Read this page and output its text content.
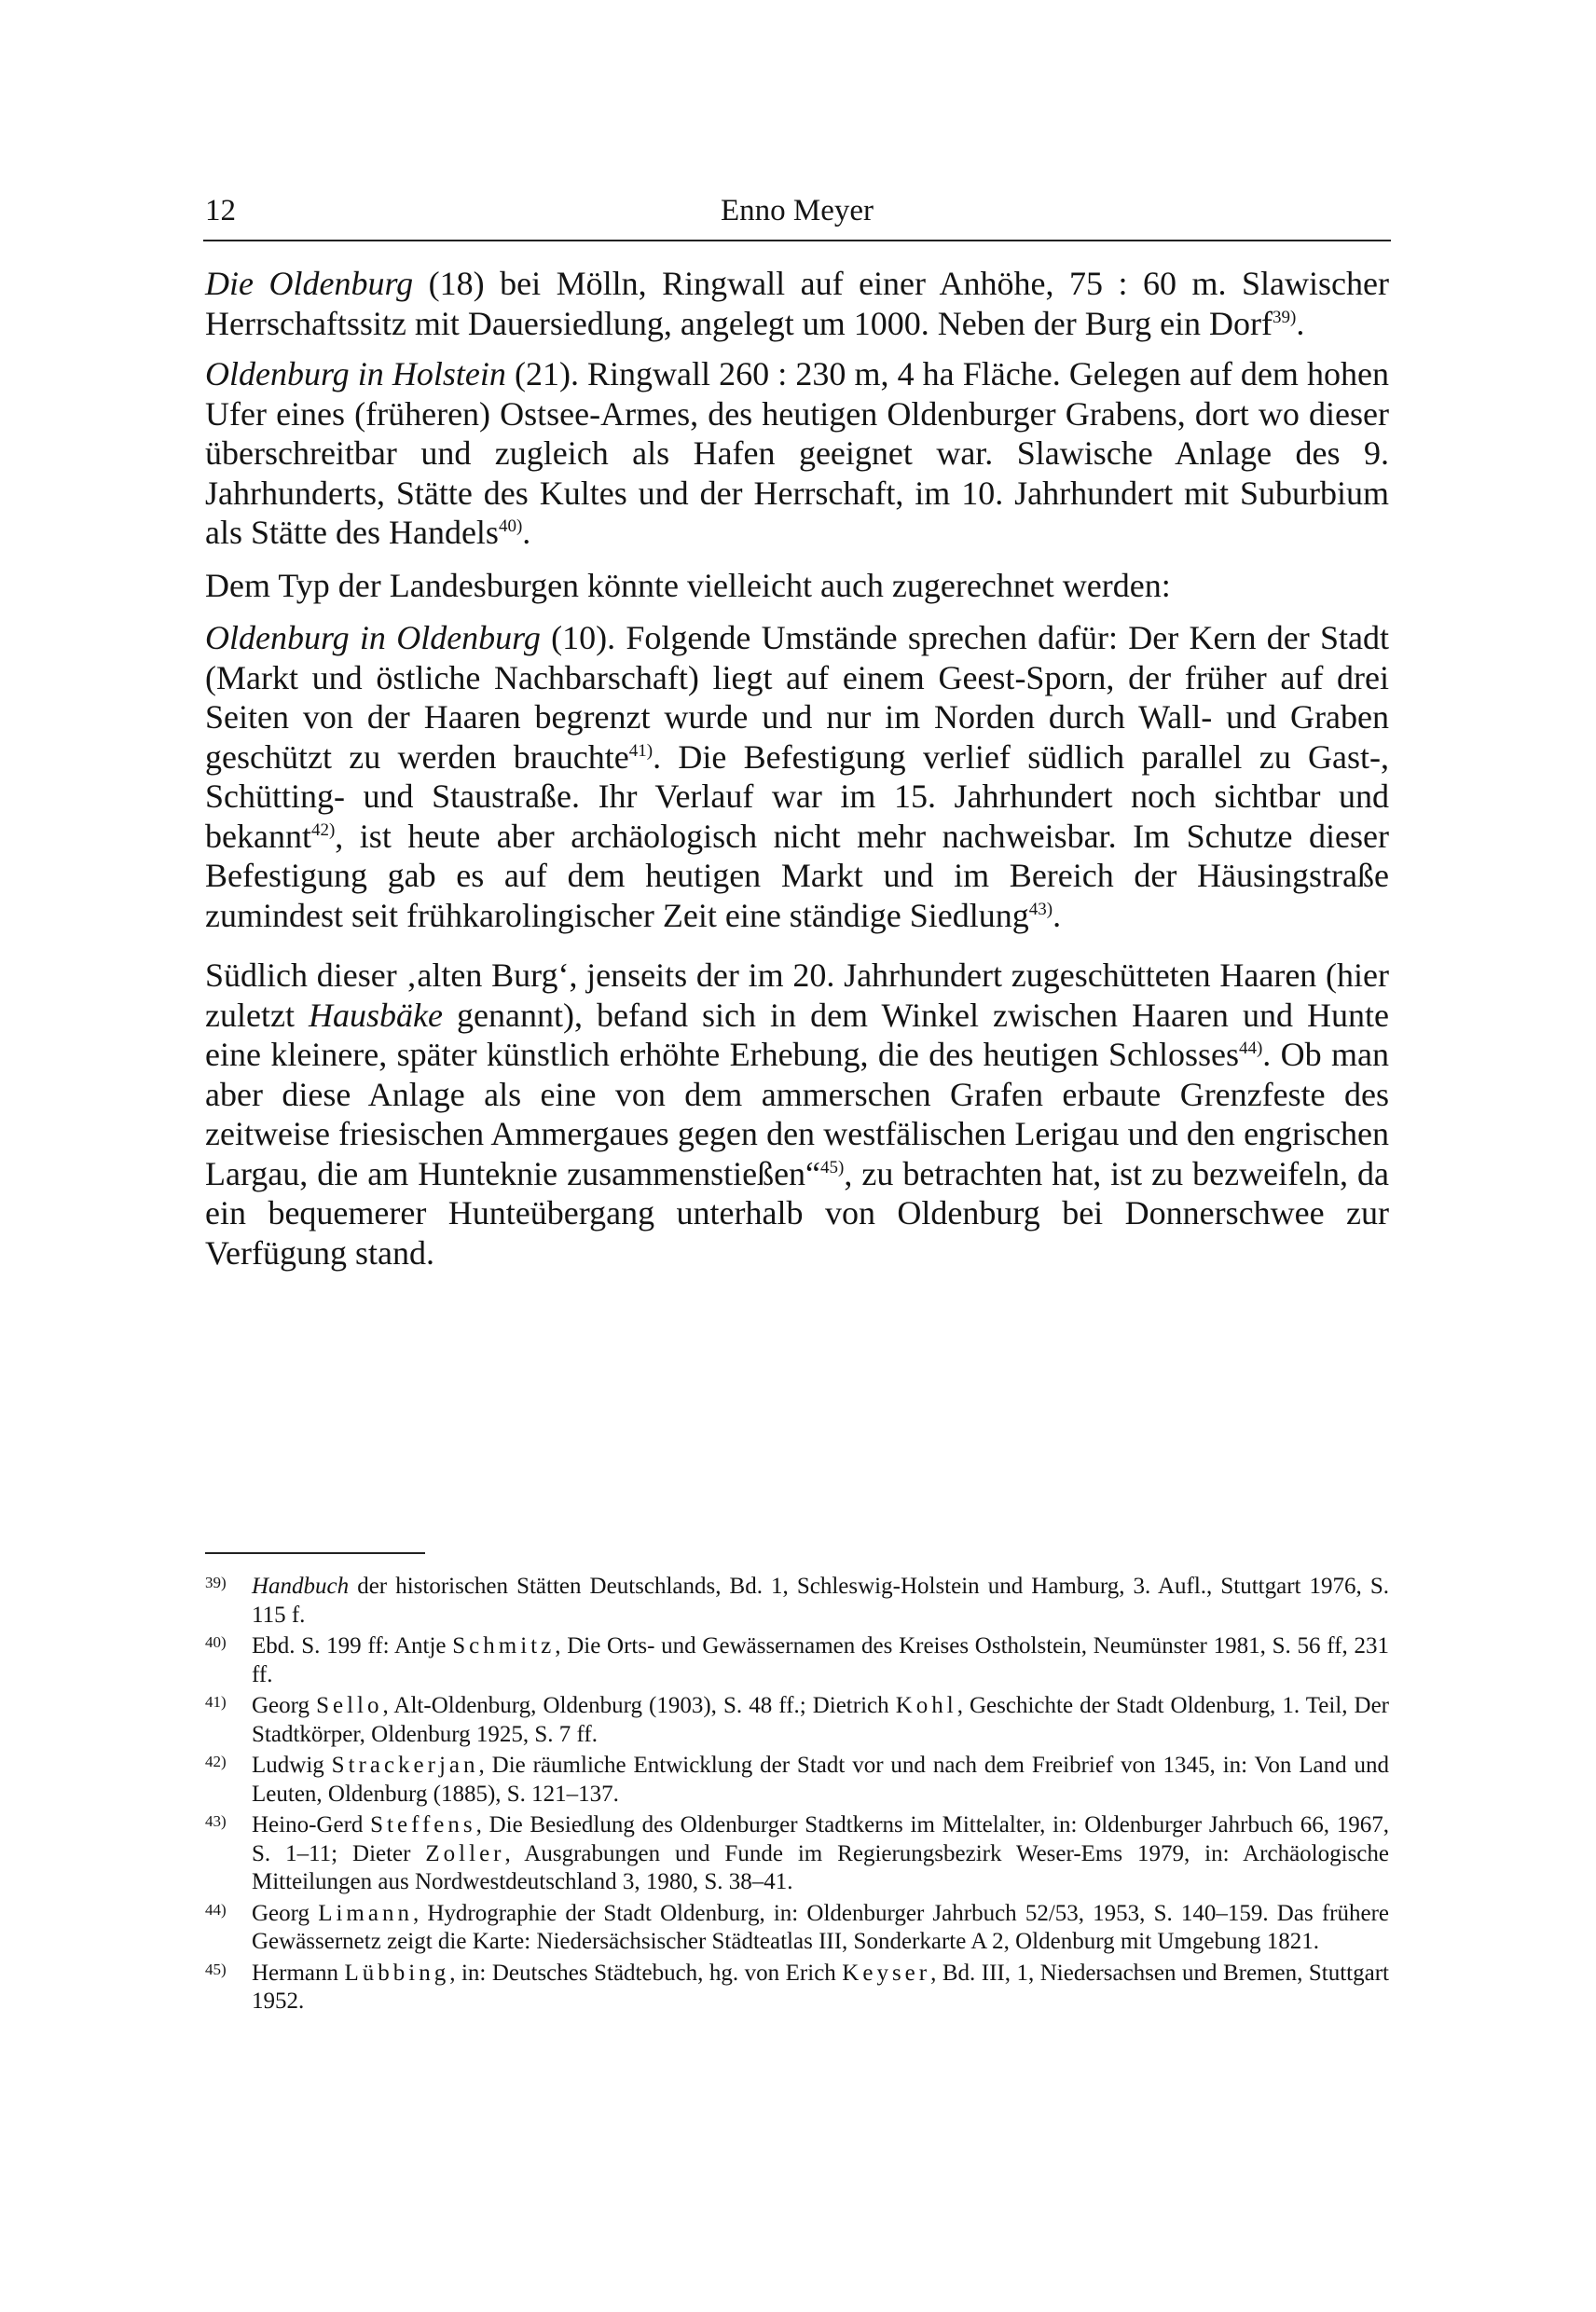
12	Enno Meyer

Die Oldenburg (18) bei Mölln, Ringwall auf einer Anhöhe, 75 : 60 m. Slawischer Herrschaftssitz mit Dauersiedlung, angelegt um 1000. Neben der Burg ein Dorf$^{39)}$.

Oldenburg in Holstein (21). Ringwall 260 : 230 m, 4 ha Fläche. Gelegen auf dem hohen Ufer eines (früheren) Ostsee-Armes, des heutigen Oldenburger Grabens, dort wo dieser überschreitbar und zugleich als Hafen geeignet war. Slawische Anlage des 9. Jahrhunderts, Stätte des Kultes und der Herrschaft, im 10. Jahrhundert mit Suburbium als Stätte des Handels$^{40)}$.

Dem Typ der Landesburgen könnte vielleicht auch zugerechnet werden:

Oldenburg in Oldenburg (10). Folgende Umstände sprechen dafür: Der Kern der Stadt (Markt und östliche Nachbarschaft) liegt auf einem Geest-Sporn, der früher auf drei Seiten von der Haaren begrenzt wurde und nur im Norden durch Wall- und Graben geschützt zu werden brauchte$^{41)}$. Die Befestigung verlief südlich parallel zu Gast-, Schütting- und Staustraße. Ihr Verlauf war im 15. Jahrhundert noch sichtbar und bekannt$^{42)}$, ist heute aber archäologisch nicht mehr nachweisbar. Im Schutze dieser Befestigung gab es auf dem heutigen Markt und im Bereich der Häusingstraße zumindest seit frühkarolingischer Zeit eine ständige Siedlung$^{43)}$.

Südlich dieser ‚alten Burg‘, jenseits der im 20. Jahrhundert zugeschütteten Haaren (hier zuletzt Hausbäke genannt), befand sich in dem Winkel zwischen Haaren und Hunte eine kleinere, später künstlich erhöhte Erhebung, die des heutigen Schlosses$^{44)}$. Ob man aber diese Anlage als eine von dem ammerschen Grafen erbaute Grenzfeste des zeitweise friesischen Ammergaues gegen den westfälischen Lerigau und den engrischen Largau, die am Hunteknie zusammenstießen“$^{45)}$, zu betrachten hat, ist zu bezweifeln, da ein bequemerer Hunteübergang unterhalb von Oldenburg bei Donnerschwee zur Verfügung stand.

39) Handbuch der historischen Stätten Deutschlands, Bd. 1, Schleswig-Holstein und Hamburg, 3. Aufl., Stuttgart 1976, S. 115 f.
40) Ebd. S. 199 ff: Antje Schmitz, Die Orts- und Gewässernamen des Kreises Ostholstein, Neumünster 1981, S. 56 ff, 231 ff.
41) Georg Sello, Alt-Oldenburg, Oldenburg (1903), S. 48 ff.; Dietrich Kohl, Geschichte der Stadt Oldenburg, 1. Teil, Der Stadtkörper, Oldenburg 1925, S. 7 ff.
42) Ludwig Strackerjan, Die räumliche Entwicklung der Stadt vor und nach dem Freibrief von 1345, in: Von Land und Leuten, Oldenburg (1885), S. 121–137.
43) Heino-Gerd Steffens, Die Besiedlung des Oldenburger Stadtkerns im Mittelalter, in: Oldenburger Jahrbuch 66, 1967, S. 1–11; Dieter Zoller, Ausgrabungen und Funde im Regierungsbezirk Weser-Ems 1979, in: Archäologische Mitteilungen aus Nordwestdeutschland 3, 1980, S. 38–41.
44) Georg Limann, Hydrographie der Stadt Oldenburg, in: Oldenburger Jahrbuch 52/53, 1953, S. 140–159. Das frühere Gewässernetz zeigt die Karte: Niedersächsischer Städteatlas III, Sonderkarte A 2, Oldenburg mit Umgebung 1821.
45) Hermann Lübbing, in: Deutsches Städtebuch, hg. von Erich Keyser, Bd. III, 1, Niedersachsen und Bremen, Stuttgart 1952.
